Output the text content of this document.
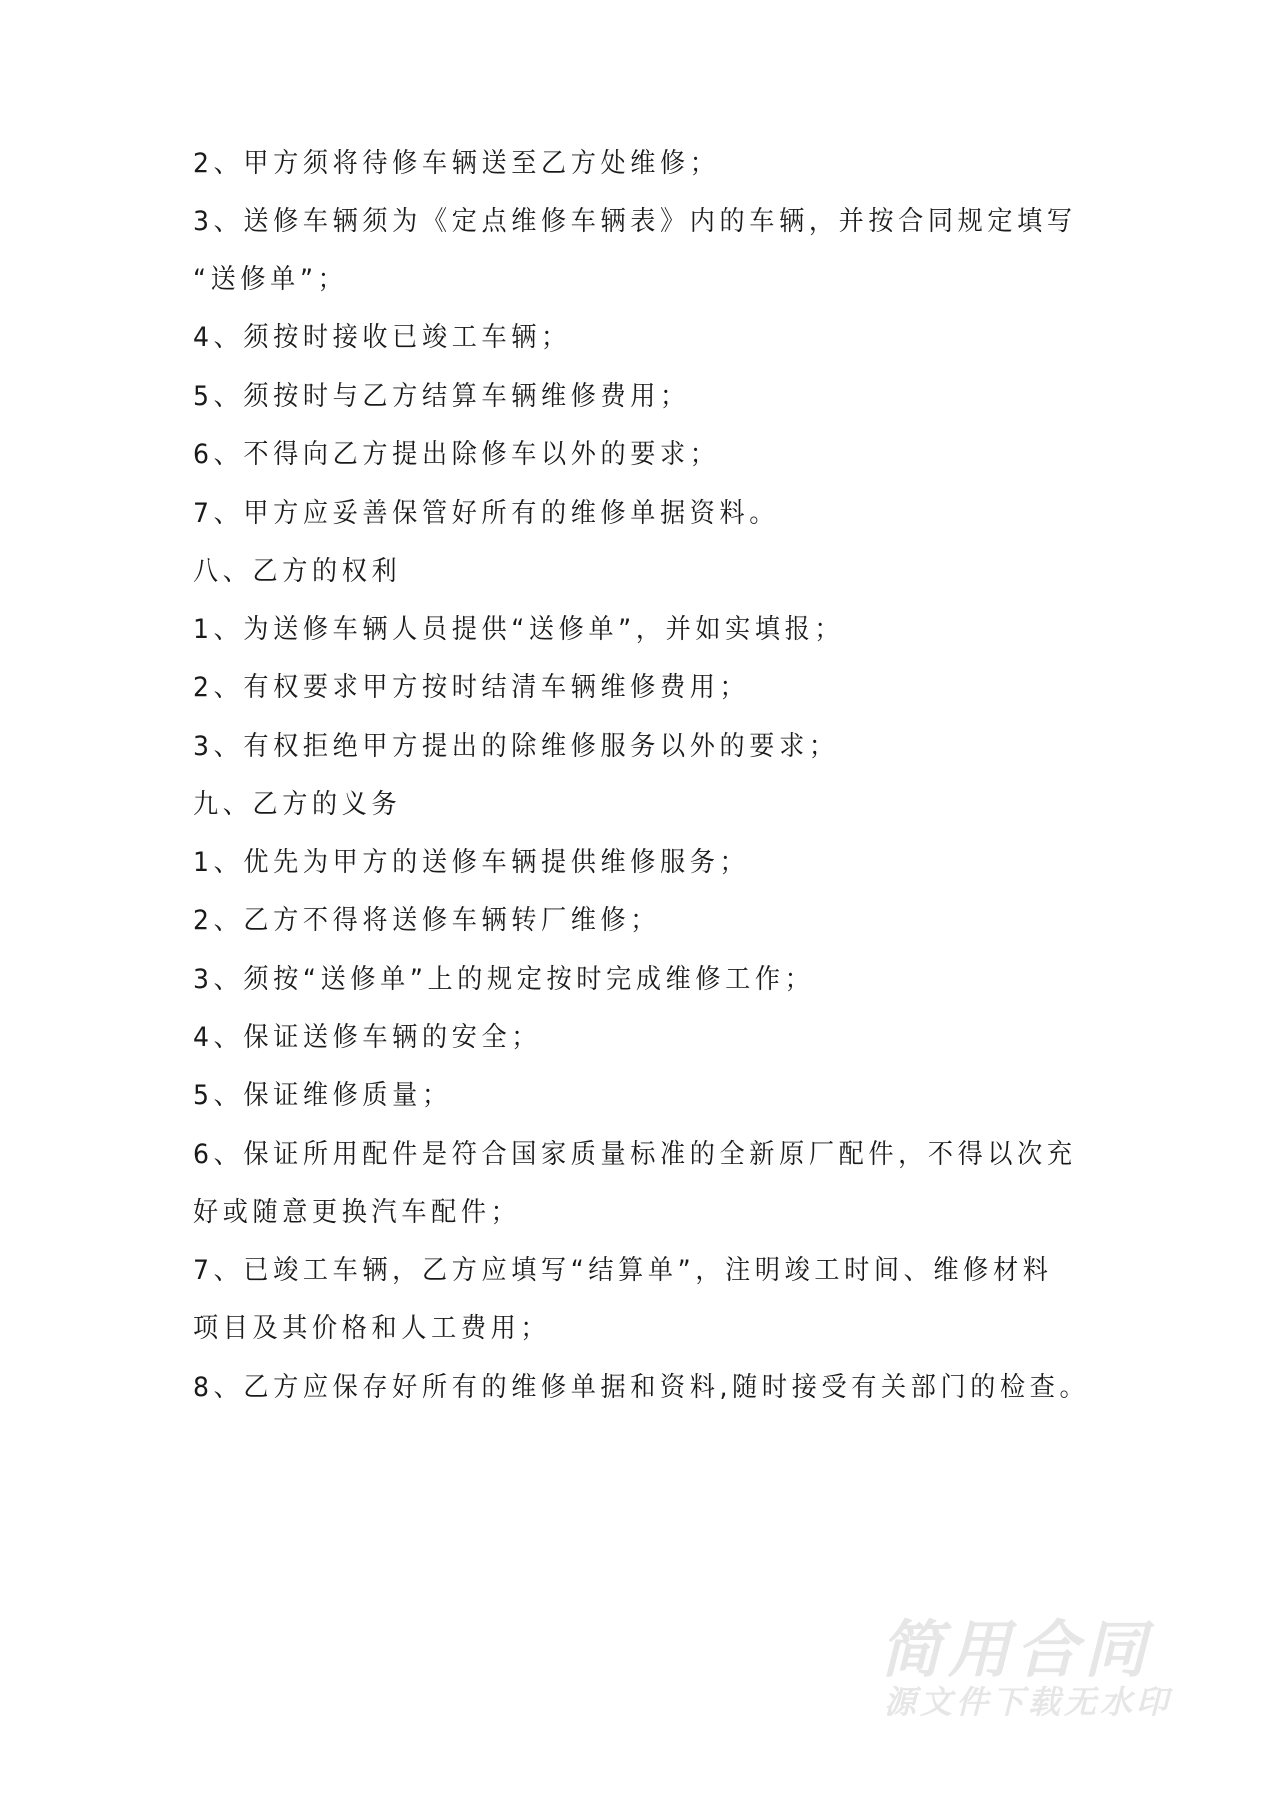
2、甲方须将待修车辆送至乙方处维修；
3、送修车辆须为《定点维修车辆表》内的车辆，并按合同规定填写
“送修单”；
4、须按时接收已竣工车辆；
5、须按时与乙方结算车辆维修费用；
6、不得向乙方提出除修车以外的要求；
7、甲方应妥善保管好所有的维修单据资料。
八、乙方的权利
1、为送修车辆人员提供“送修单”，并如实填报；
2、有权要求甲方按时结清车辆维修费用；
3、有权拒绝甲方提出的除维修服务以外的要求；
九、乙方的义务
1、优先为甲方的送修车辆提供维修服务；
2、乙方不得将送修车辆转厂维修；
3、须按“送修单”上的规定按时完成维修工作；
4、保证送修车辆的安全；
5、保证维修质量；
6、保证所用配件是符合国家质量标准的全新原厂配件，不得以次充
好或随意更换汽车配件；
7、已竣工车辆，乙方应填写“结算单”，注明竣工时间、维修材料
项目及其价格和人工费用；
8、乙方应保存好所有的维修单据和资料,随时接受有关部门的检查。
简用合同
源文件下载无水印
